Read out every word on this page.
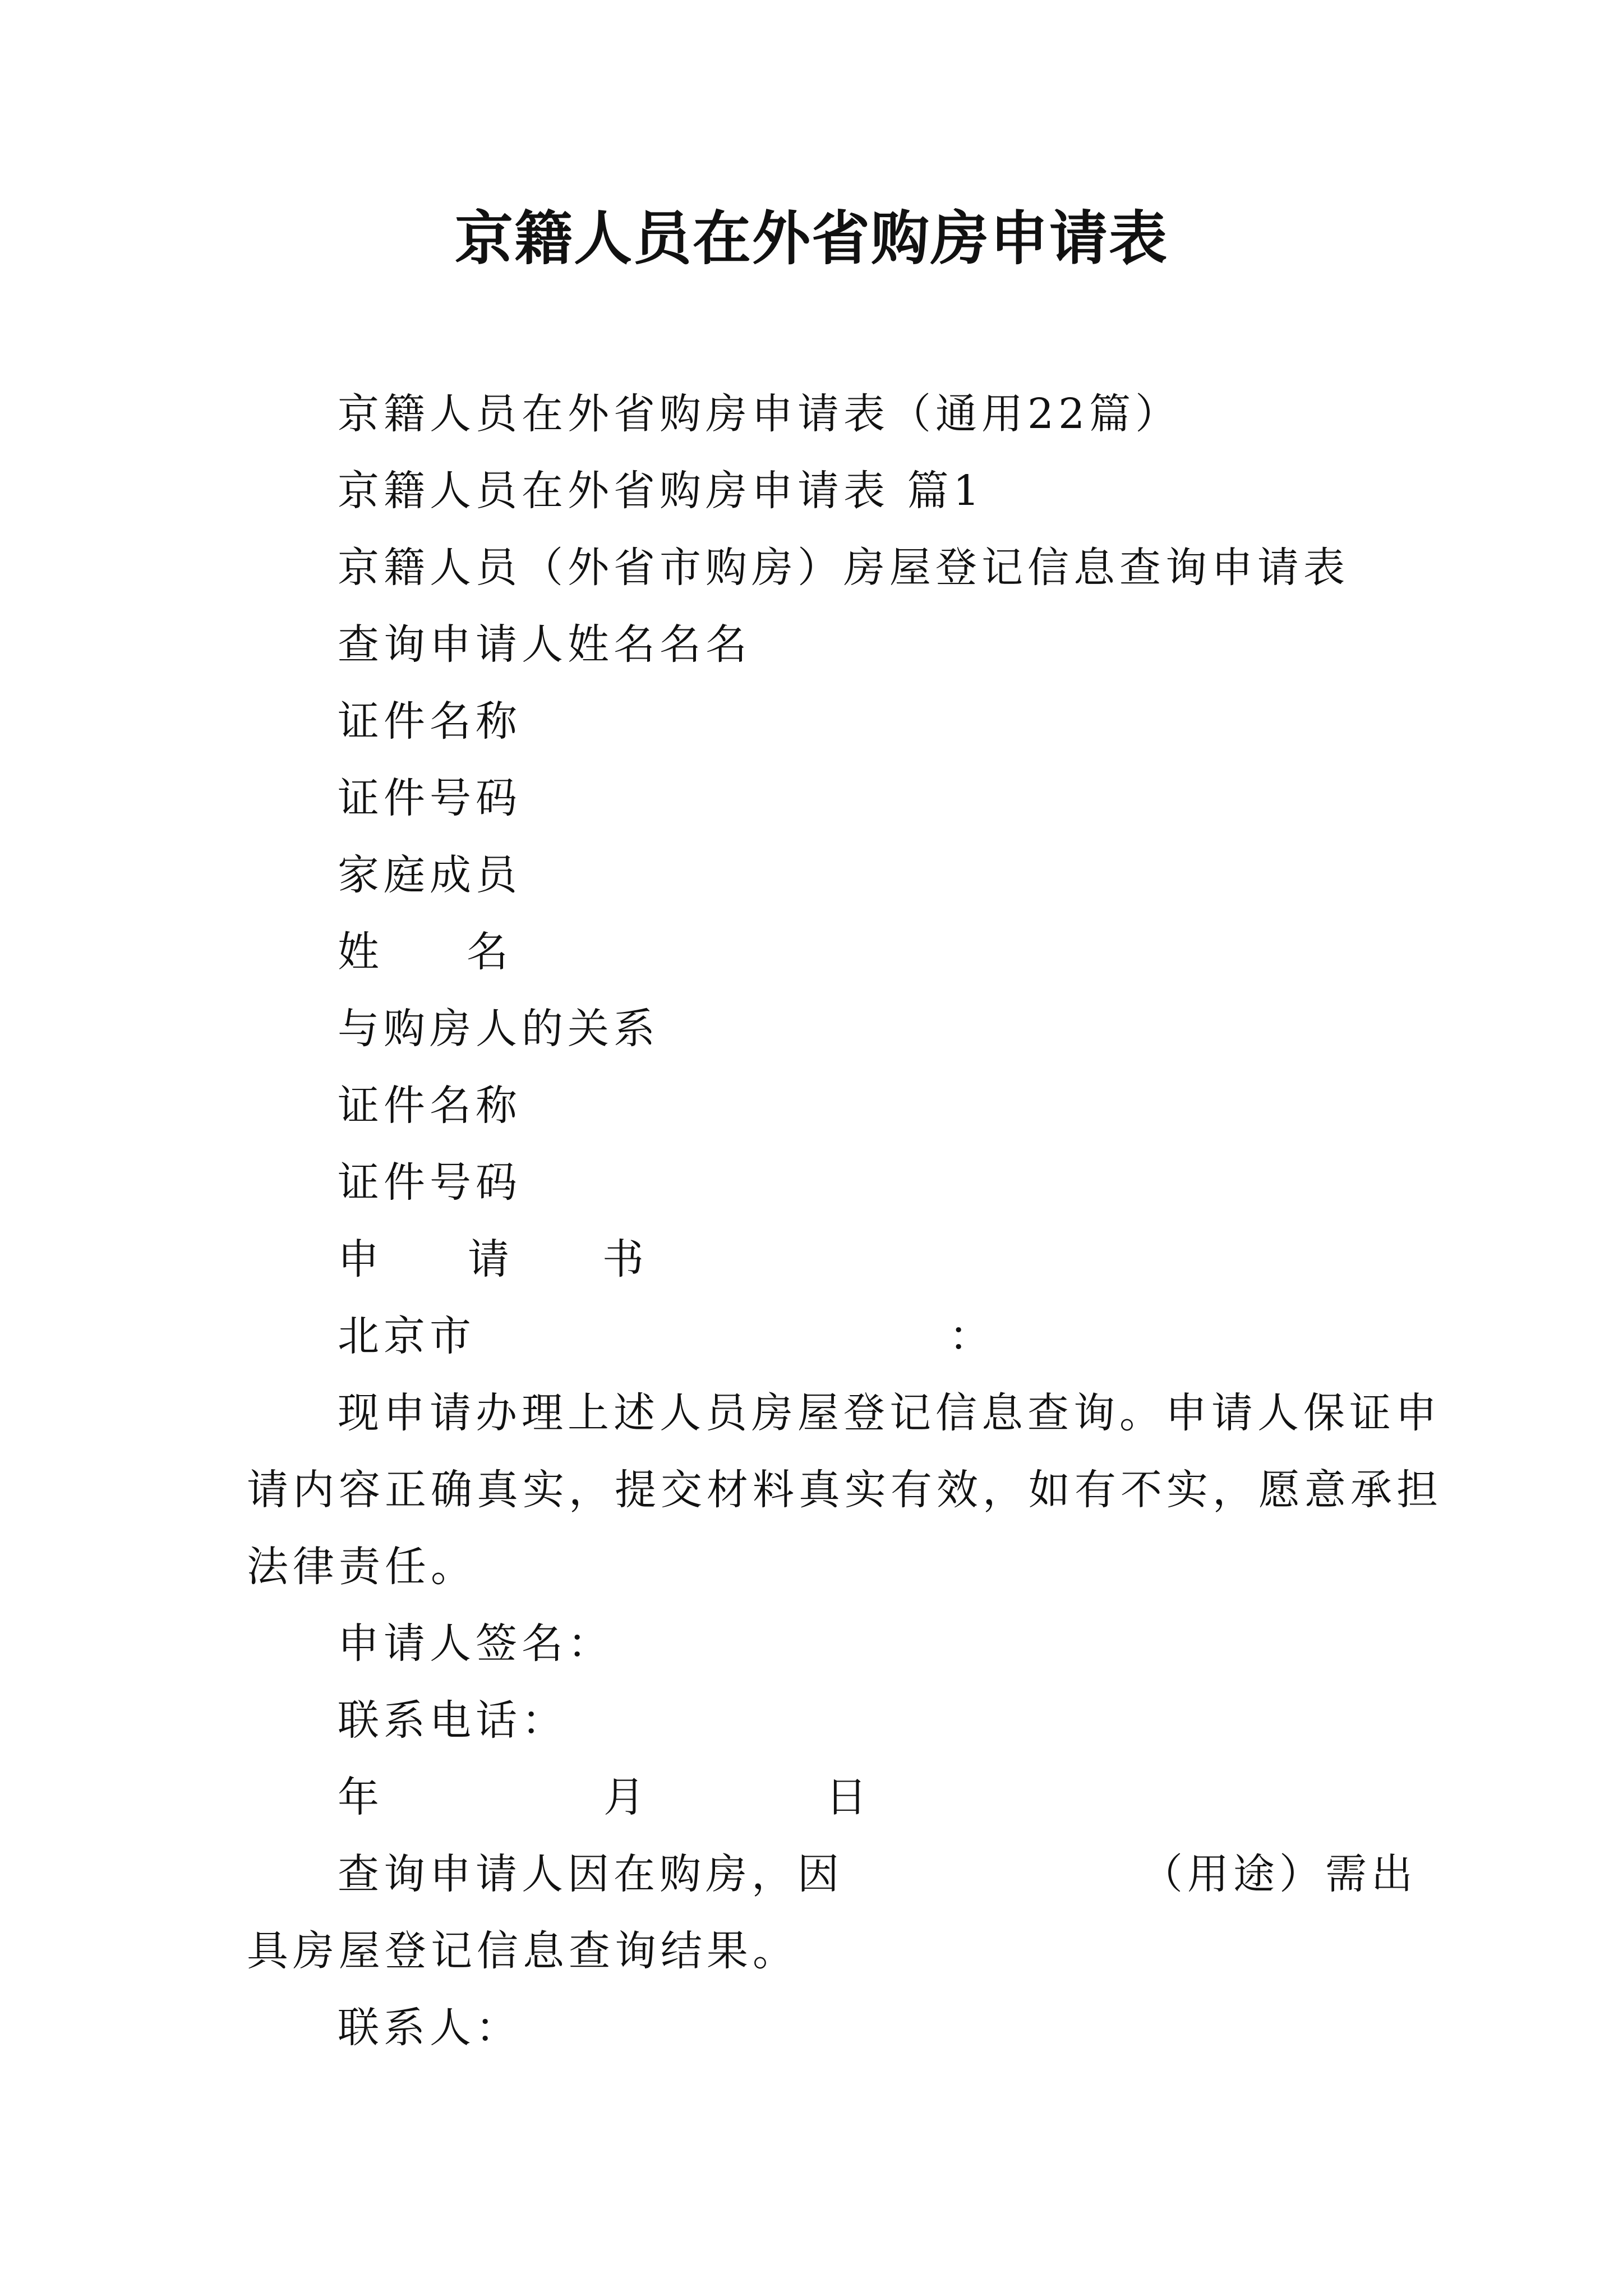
京籍人员在外省购房申请表

京籍人员在外省购房申请表（通用22篇）

京籍人员在外省购房申请表 篇1

京籍人员（外省市购房）房屋登记信息查询申请表

查询申请人姓名名名

证件名称

证件号码

家庭成员

姓 名

与购房人的关系

证件名称

证件号码

申 请 书
北京市	：

现申请办理上述人员房屋登记信息查询。申请人保证申

请内容正确真实，提交材料真实有效，如有不实，愿意承担

法律责任。

申请人签名：

联系电话：

年	月	日
查询申请人因在购房，因	（用途）需出

具房屋登记信息查询结果。

联系人：
